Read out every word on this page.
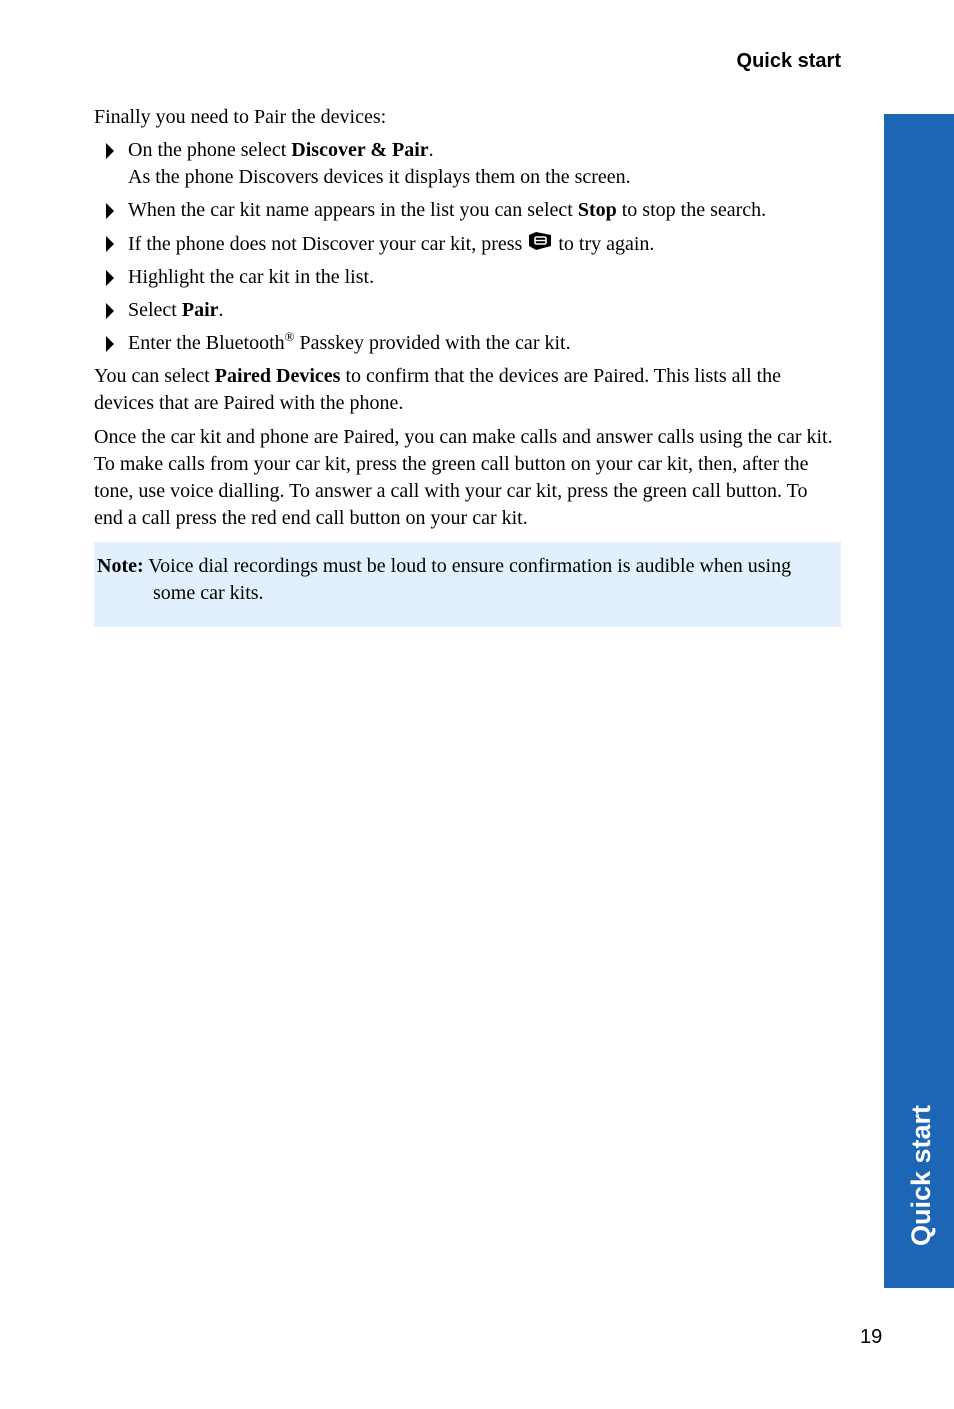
Quick start
Quick start

Finally you need to Pair the devices:

On the phone select Discover & Pair.
As the phone Discovers devices it displays them on the screen.
When the car kit name appears in the list you can select Stop to stop the search.
If the phone does not Discover your car kit, press  to try again.
Highlight the car kit in the list.
Select Pair.
Enter the Bluetooth® Passkey provided with the car kit.

You can select Paired Devices to confirm that the devices are Paired. This lists all the devices that are Paired with the phone.

Once the car kit and phone are Paired, you can make calls and answer calls using the car kit. To make calls from your car kit, press the green call button on your car kit, then, after the tone, use voice dialling. To answer a call with your car kit, press the green call button. To end a call press the red end call button on your car kit.

Note: Voice dial recordings must be loud to ensure confirmation is audible when using some car kits.

19
